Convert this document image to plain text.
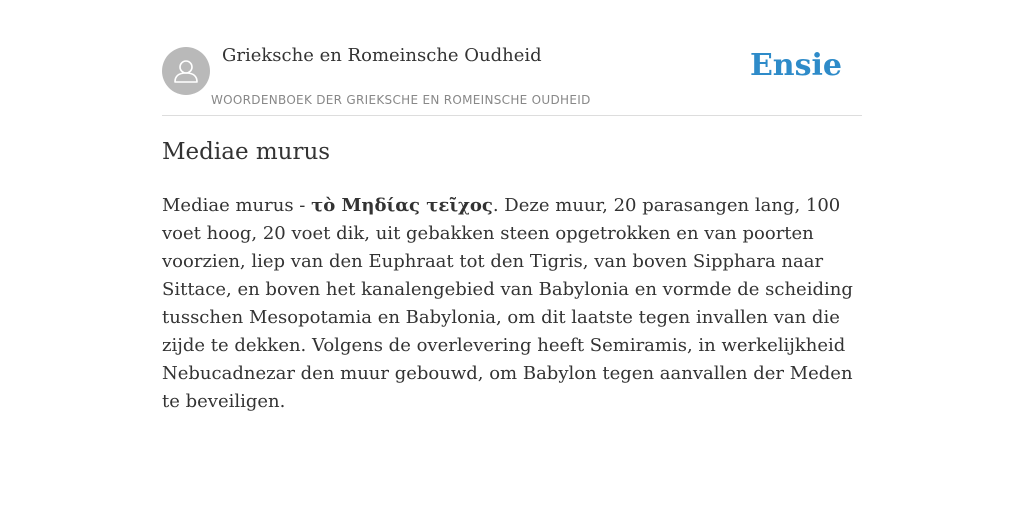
Grieksche en Romeinsche Oudheid
WOORDENBOEK DER GRIEKSCHE EN ROMEINSCHE OUDHEID
Ensie
Mediae murus

Mediae murus - τὸ Μηδίας τεῖχος. Deze muur, 20 parasangen lang, 100 voet hoog, 20 voet dik, uit gebakken steen opgetrokken en van poorten voorzien, liep van den Euphraat tot den Tigris, van boven Sipphara naar Sittace, en boven het kanalengebied van Babylonia en vormde de scheiding tusschen Mesopotamia en Babylonia, om dit laatste tegen invallen van die zijde te dekken. Volgens de overlevering heeft Semiramis, in werkelijkheid Nebucadnezar den muur gebouwd, om Babylon tegen aanvallen der Meden te beveiligen.
